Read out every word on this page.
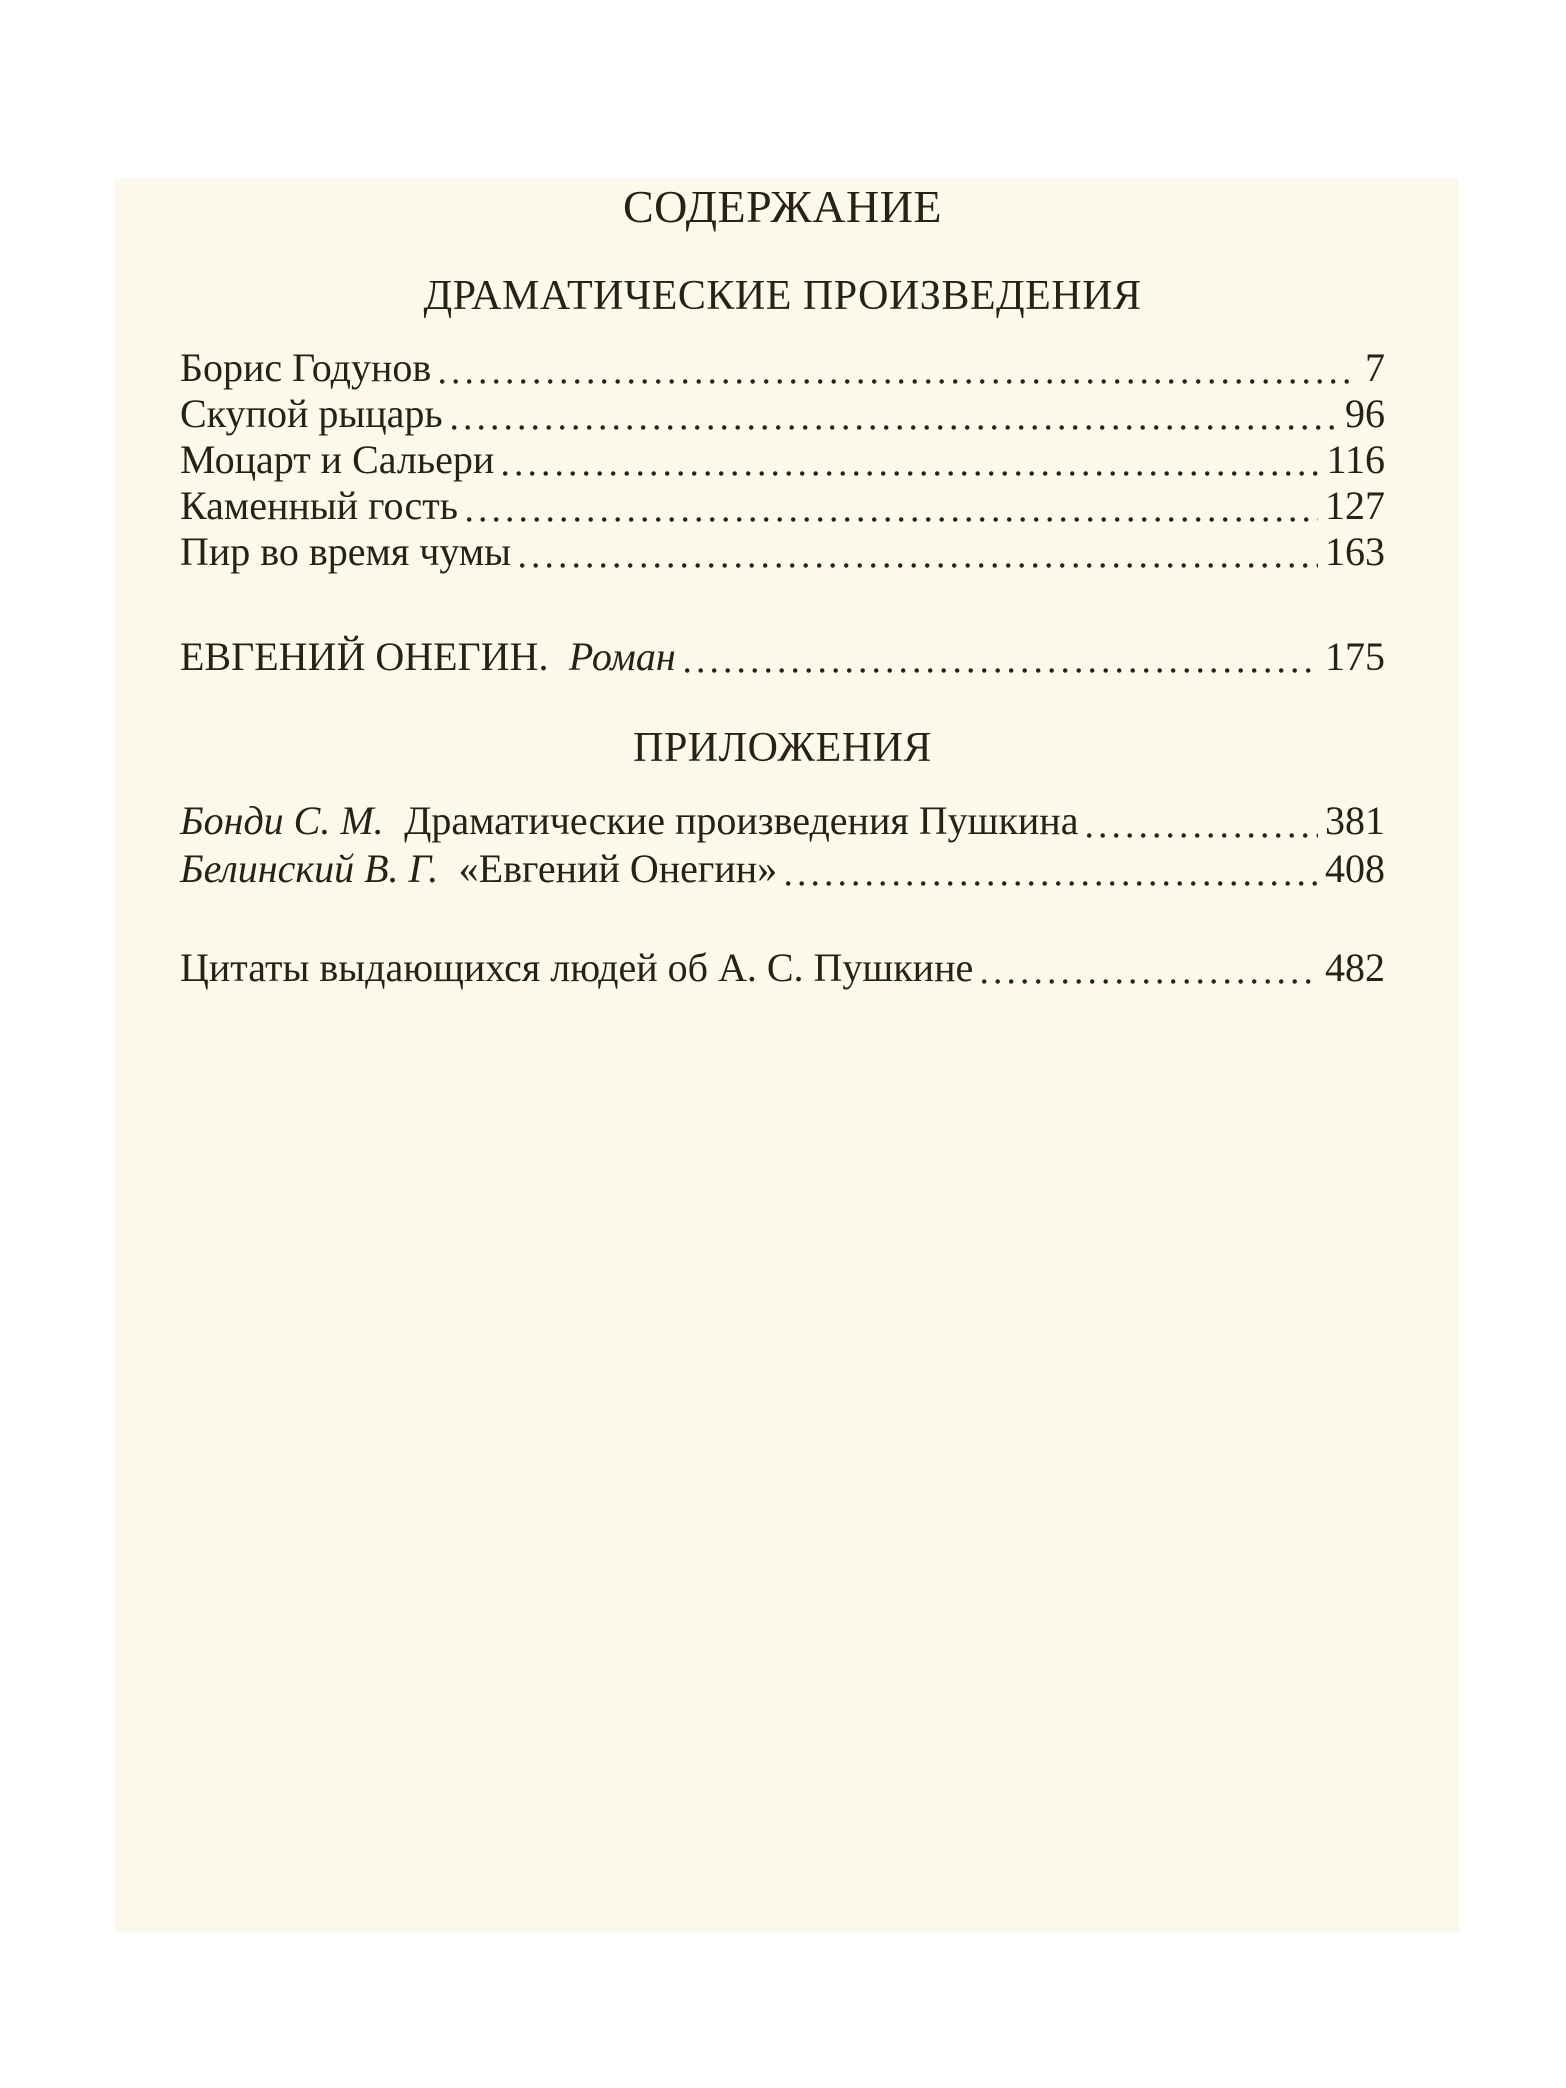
СОДЕРЖАНИЕ
ДРАМАТИЧЕСКИЕ ПРОИЗВЕДЕНИЯ
Борис Годунов	7
Скупой рыцарь	96
Моцарт и Сальери	116
Каменный гость	127
Пир во время чумы	163
ЕВГЕНИЙ ОНЕГИН. Роман	175
ПРИЛОЖЕНИЯ
Бонди С. М. Драматические произведения Пушкина	381
Белинский В. Г. «Евгений Онегин»	408
Цитаты выдающихся людей об А. С. Пушкине	482
